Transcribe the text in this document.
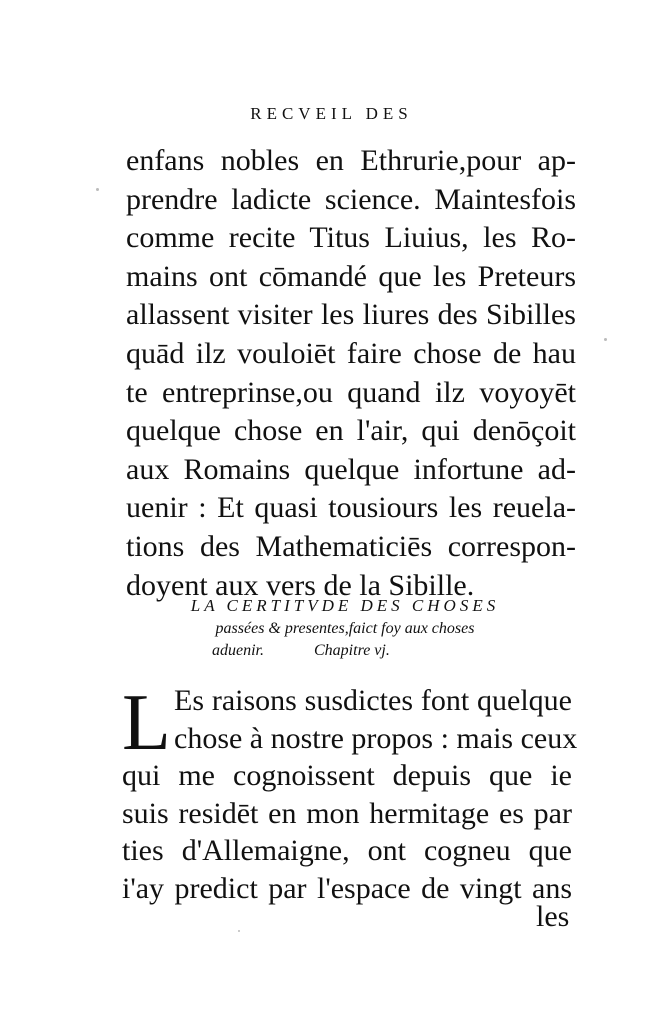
RECVEIL DES
enfans nobles en Ethrurie,pour ap-
prendre ladicte science. Maintesfois
comme recite Titus Liuius, les Ro-
mains ont cōmandé que les Preteurs
allassent visiter les liures des Sibilles
quād ilz vouloiēt faire chose de hau
te entreprinse,ou quand ilz voyoyēt
quelque chose en l'air, qui denōçoit
aux Romains quelque infortune ad-
uenir : Et quasi tousiours les reuela-
tions des Mathematiciēs correspon-
doyent aux vers de la Sibille.
LA CERTITVDE DES CHOSES
passées & presentes,faict foy aux choses
aduenir.	Chapitre vj.
L Es raisons susdictes font quelque
chose à nostre propos : mais ceux
qui me cognoissent depuis que ie
suis residēt en mon hermitage es par
ties d'Allemaigne, ont cogneu que
i'ay predict par l'espace de vingt ans
les
